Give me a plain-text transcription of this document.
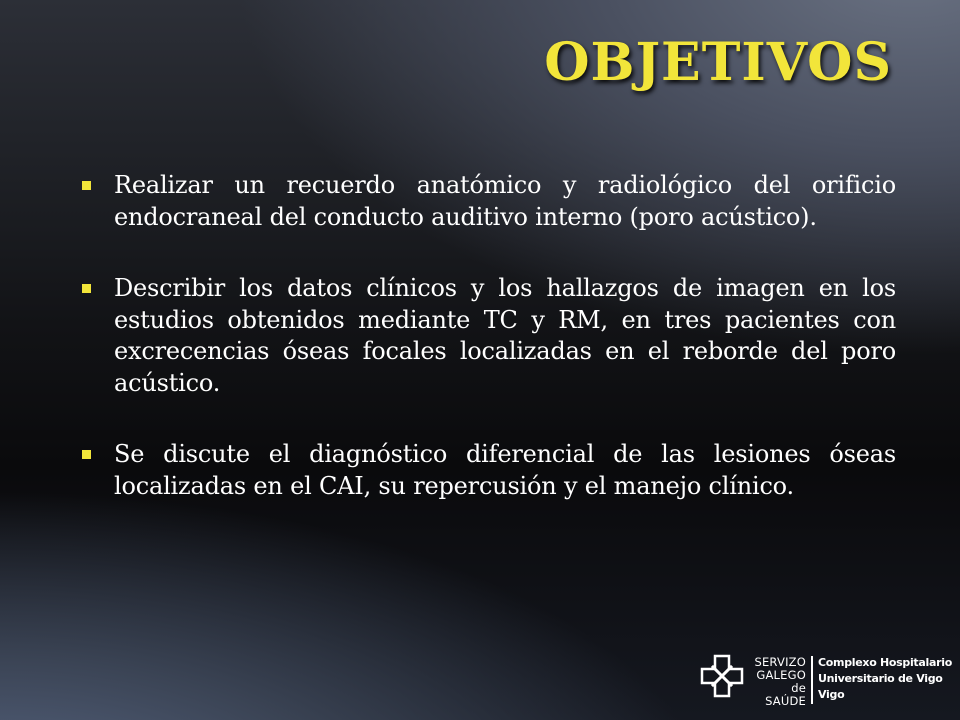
OBJETIVOS
Realizar un recuerdo anatómico y radiológico del orificio endocraneal del conducto auditivo interno (poro acústico).
Describir los datos clínicos y los hallazgos de imagen en los estudios obtenidos mediante TC y RM, en tres pacientes con excrecencias óseas focales localizadas en el reborde del poro acústico.
Se discute el diagnóstico diferencial de las lesiones óseas localizadas en el CAI, su repercusión y el manejo clínico.
SERVIZO
GALEGO
de SAÚDE
Complexo Hospitalario
Universitario de Vigo
Vigo
